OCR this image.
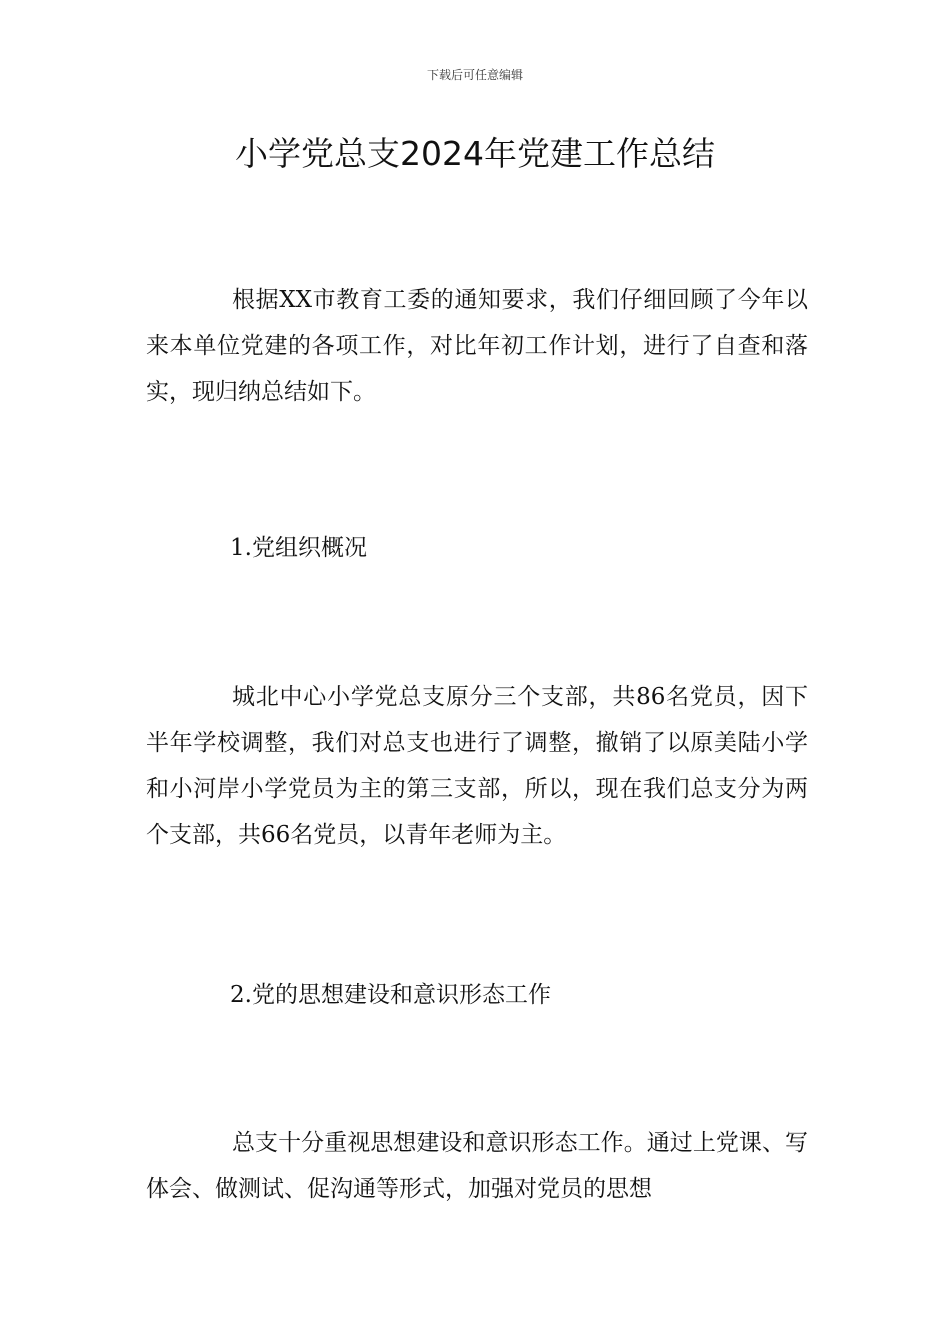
下载后可任意编辑
小学党总支2024年党建工作总结

根据XX市教育工委的通知要求，我们仔细回顾了今年以来本单位党建的各项工作，对比年初工作计划，进行了自查和落实，现归纳总结如下。

1.党组织概况

城北中心小学党总支原分三个支部，共86名党员，因下半年学校调整，我们对总支也进行了调整，撤销了以原美陆小学和小河岸小学党员为主的第三支部，所以，现在我们总支分为两个支部，共66名党员，以青年老师为主。

2.党的思想建设和意识形态工作

总支十分重视思想建设和意识形态工作。通过上党课、写体会、做测试、促沟通等形式，加强对党员的思想
